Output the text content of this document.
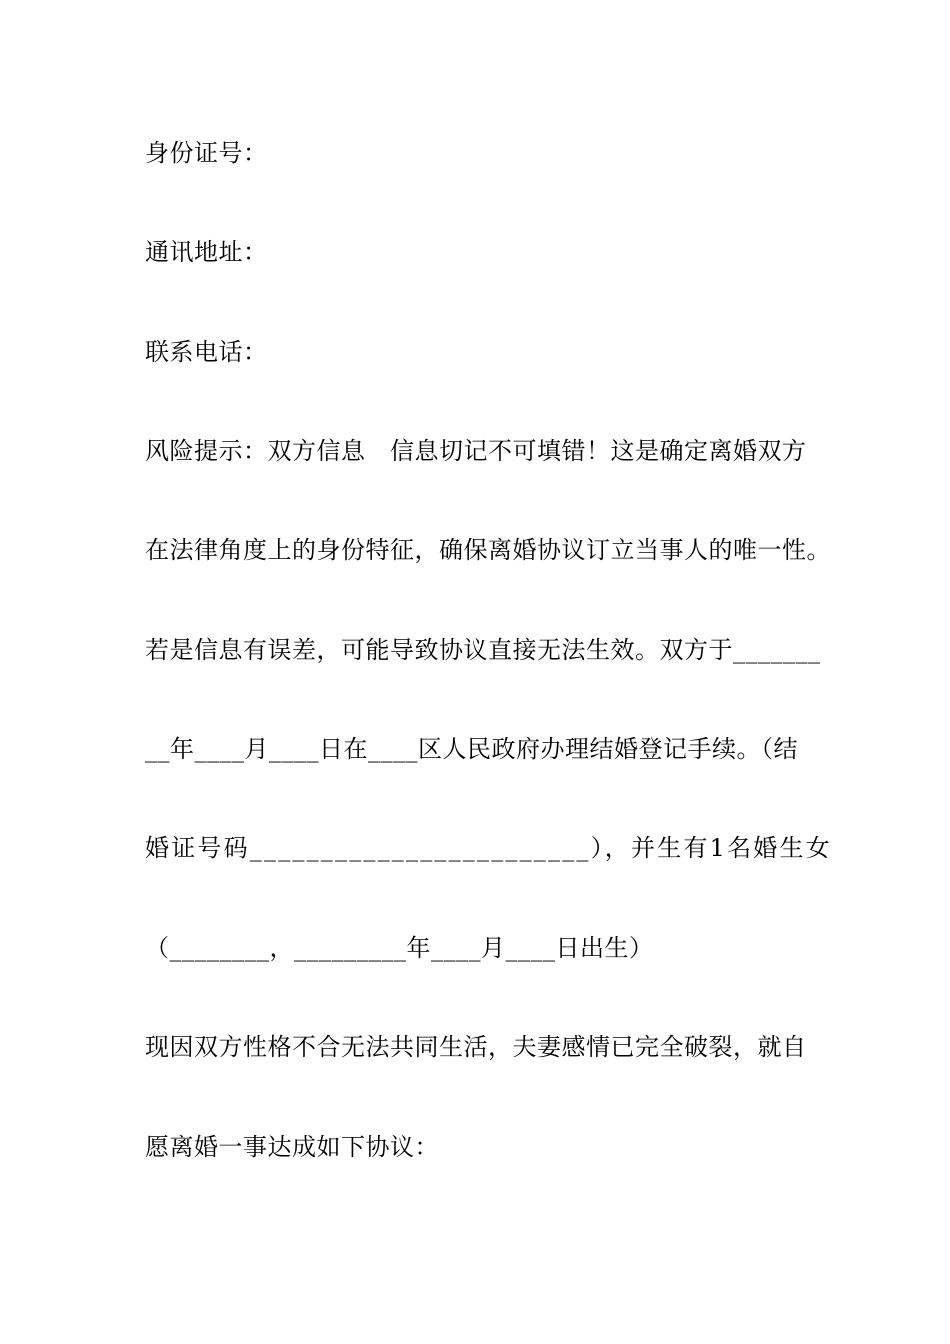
身份证号：

通讯地址：

联系电话：

风险提示：双方信息　信息切记不可填错！这是确定离婚双方

在法律角度上的身份特征，确保离婚协议订立当事人的唯一性。

若是信息有误差，可能导致协议直接无法生效。双方于_______

__年____月____日在____区人民政府办理结婚登记手续。（结

婚证号码________________________），并生有1名婚生女

（________，_________年____月____日出生）

现因双方性格不合无法共同生活，夫妻感情已完全破裂，就自

愿离婚一事达成如下协议：
